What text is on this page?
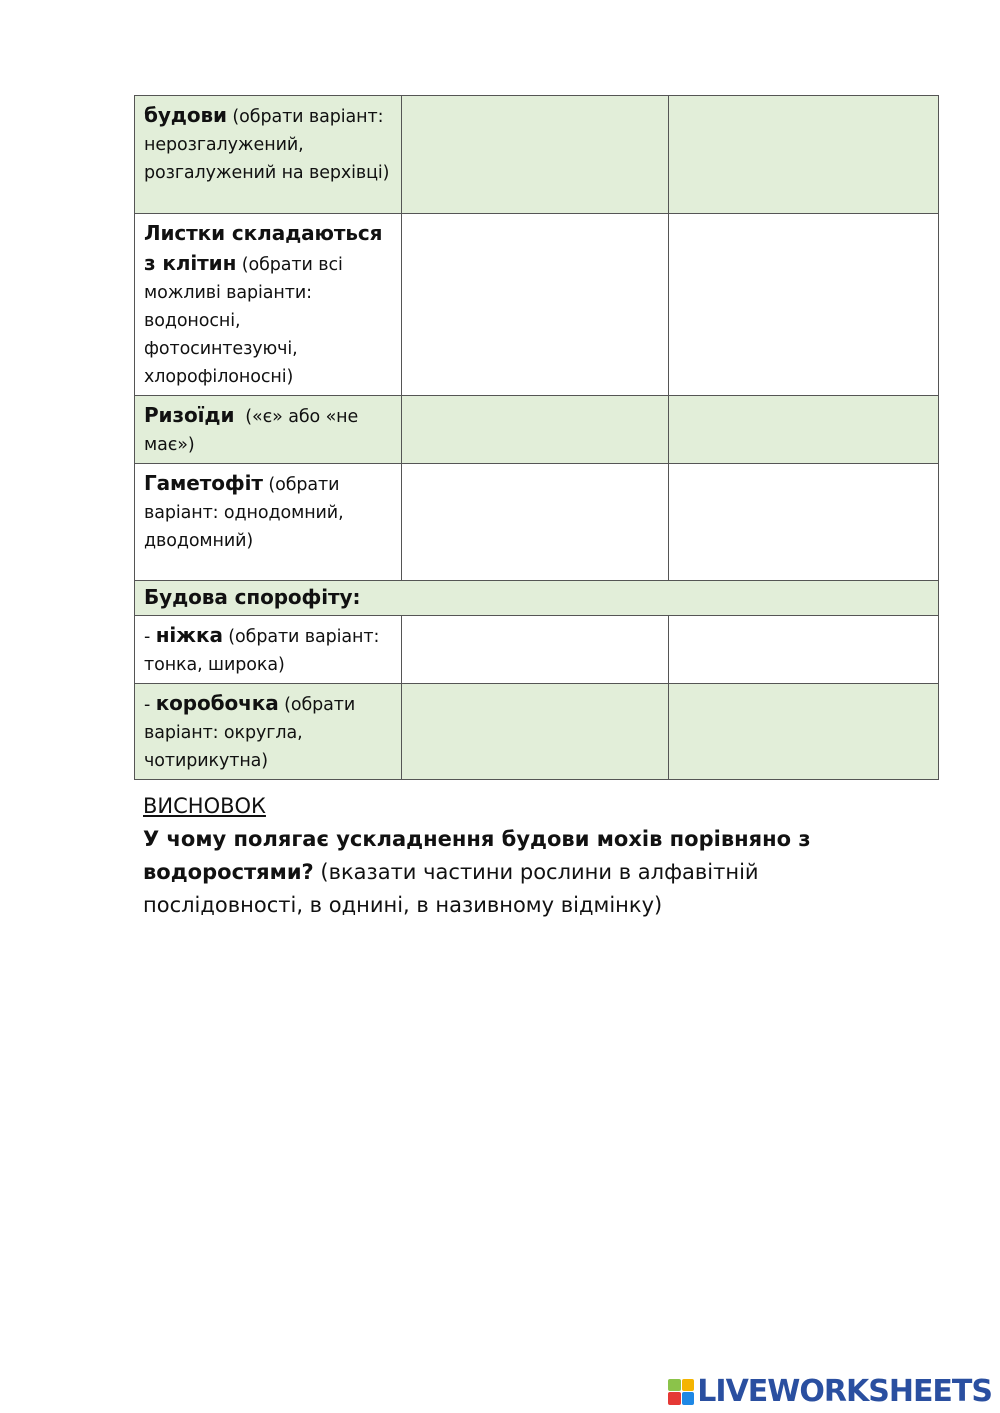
будови (обрати варіант: нерозгалужений, розгалужений на верхівці)		
Листки складаються з клітин (обрати всі можливі варіанти: водоносні, фотосинтезуючі, хлорофілоносні)		
Ризоїди  («є» або «не має»)		
Гаметофіт (обрати варіант: однодомний, дводомний)		
Будова спорофіту:		
- ніжка (обрати варіант: тонка, широка)		
- коробочка (обрати варіант: округла, чотирикутна)		
ВИСНОВОК
У чому полягає ускладнення будови мохів порівняно з водоростями? (вказати частини рослини в алфавітній послідовності, в однині, в називному відмінку)
LIVEWORKSHEETS
